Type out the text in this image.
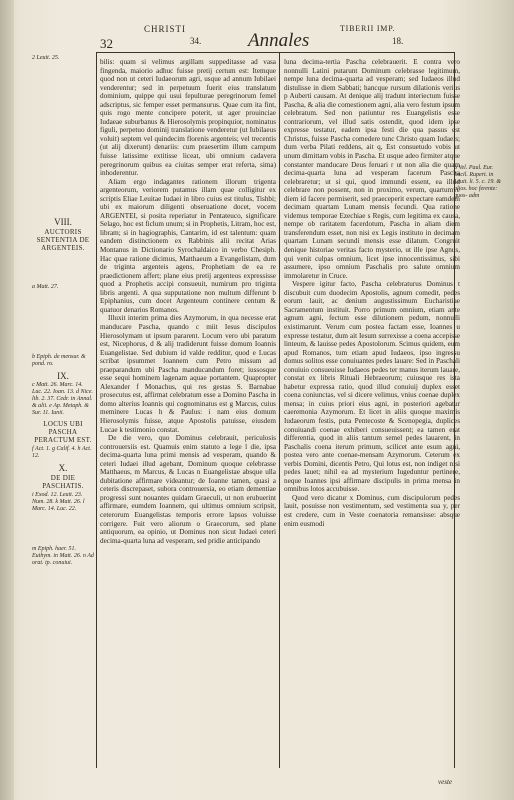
32
CHRISTI
34. Annales
TIBERII IMP.
18.
2 Leuit. 25.
VIII.
AUCTORIS SENTENTIA DE ARGENTEIS.
a Matt. 27.
b Epiph. de mensur. & pond. ro.
IX.
c Matt. 26. Marc. 14. Luc. 22. Ioan. 13. d Nice. lib. 2. 37. Cedr. in Annal. & alii. e Ap. Metaph. & Sur. 11. Iunii.
LOCUS UBI PASCHA PERACTUM EST.
f Act. 1. g Calif. 4. h Act. 12.
X.
DE DIE PASCHATIS.
i Exod. 12. Leuit. 23. Num. 28. k Matt. 26. l Marc. 14. Luc. 22.
m Epiph. haer. 51. Euthym. in Matt. 26. n Ad orat. ip. conuiui.

bilis: quam si velimus argillam suppeditasse ad vasa fingenda, maiorio adhuc fuisse pretij certum est: Itemque quod non ut ceteri Iudaeorum agri, usque ad annum Iubilaei venderentur; sed in perpetuum fuerit eius translatum dominium, quippe qui usui fepulturae peregrinorum femel adscriptus, sic femper esset permansurus. Quae cum ita fint, quis rogo mente concipere poterit, ut ager prouinciae Iudaeae suburbanus & Hierosolymis propinquior, nominatus figuli, perpetuo dominij translatione venderetur (ut Iubilaeus voluit) septem vel quindecim florenis argenteis; vel trecentis (ut alij dixerunt) denariis: cum praesertim illum campum fuisse latissime extitisse liceat, ubi omnium cadavera peregrinorum quibus ea ciuitas semper erat referta, sima) inhoderentur.

Aliam ergo indagantes rationem illorum trigenta argenteorum, veriorem putamus illam quae colligitur ex scriptis Eliae Leuitae Iudaei in libro cuius est titulus, Tishbi; ubi ex maiorum diligenti obseruatione docet, vocem ARGENTEI, si posita reperiatur in Pentateuco, significare Selago, hoc est ficlum unum; si in Prophetis, Litram, hoc est, libram; si in hagiographis, Cantarim, id est talentum: quam eandem distinctionem ex Rabbinis alii recitat Arias Montanus in Dictionario Syrochaldaico in verbo Chesiph. Hac quae ratione dicimus, Matthaeum a Evangelistam, dum de triginta argenteis agens, Prophetiam de ea re praedictionem affert; plane eius pretij argenteos expressisse quod a Prophetis accipi consueuit, numirum pro triginta libris argenti. A qua supputatione non multum differunt b Epiphanius, cum docet Argenteum continere centum & quatuor denarios Romanos.

Illuxit interim prima dies Azymorum, in qua necesse erat manducare Pascha, quando c miit Iesus discipulos Hierosolymam ut ipsum pararent. Locum vero ubi paratum est, Nicephorus, d & alij tradiderunt fuisse domum Ioannis Euangelistae. Sed dubium id valde redditur, quod e Lucas scribat ipsummet Ioannem cum Petro missum ad praeparandum ubi Pascha manducandum foret; iussosque esse sequi hominem lagenam aquae portantem. Quapropter Alexander f Monachus, qui res gestas S. Barnabae prosecutus est, affirmat celebratum esse a Domino Pascha in domo alterius Ioannis qui cognominatus est g Marcus, cuius meminere Lucas h & Paulus: i nam eius domum Hierosolymis fuisse, atque Apostolis patuisse, eiusdem Lucae k testimonio constat.

De die vero, quo Dominus celebrauit, periculosis controuersiis est. Quamuis enim statuto a lege l die, ipsa decima-quarta luna primi mensis ad vesperam, quando & ceteri Iudaei illud agebant, Dominum quoque celebrasse Matthaeus, m Marcus, & Lucas n Euangelistae absque ulla dubitatione affirmare videantur; de Ioanne tamen, quasi a ceteris discrepaset, subora controuersia, eo etiam dementiae progressi sunt nouantes quidam Graeculi, ut non erubuerint affirmare, eumdem Ioannem, qui ultimus omnium scripsit, ceterorum Euangelistas temporis errore lapsos voluisse corrigere. Fuit vero aliorum o Graecorum, sed plane antiquorum, ea opinio, ut Dominus non sicut Iudaei ceteri decima-quarta luna ad vesperam, sed pridie anticipando

luna decima-tertia Pascha celebrauerit. E contra vero nonnulli Latini putarunt Dominum celebrasse legitimum, nempe luna decima-quarta ad vesperam; sed Iudaeos illud distulisse in diem Sabbati; hancque rursum dilationis verius p Auberti causam. At denique alij tradunt interiectum fuisse Pascha, & alia die comestionem agni, alia vero festum ipsum celebratum. Sed non patiuntur res Euangelistis esse contrariorum, vel illud satis ostendit, quod idem ipse expresse testatur, eadem ipsa festi die qua passus est Christus, fuisse Pascha comedere tunc Christo quam Iudaeis; dum verba Pilati reddens, ait q, Est consuetudo vobis ut unum dimittam vobis in Pascha. Et usque adeo firmiter atque constanter manducare Deus feruari r ut non alia die quam decima-quarta luna ad vesperam facerum Pascha celebraretur; ut si qui, quod immundi essent, ea illud celebrare non possent, non in proximo, verum, quartumve diem id facere permiserit, sed praeceperit expectare eamdem decimam quartam Lunam mensis fecundi. Qua ratione videmus temporae Ezechiae s Regis, cum legitima ex causa, nempe ob raritatem facerdotum, Pascha in aliam diem transferendum esset, non nisi ex Legis instituto in decimam quartam Lunam secundi mensis esse dilatum. Congruit denique historiae veritas facto mysterio, ut ille ipse Agnus, qui venit culpas omnium, licet ipse innocentissimus, sibi assumere, ipso omnium Paschalis pro salute omnium immolaretur in Cruce.

Vespere igitur facto, Pascha celebraturus Dominus t discubuit cum duodecim Apostolis, agnum comedit, pedes eorum lauit, ac denium augustissimum Eucharistiae Sacramentum instituit. Porro primum omnium, etiam ante agnum agni, fectum esse dilutionem pedum, nonnulli existimarunt. Verum cum postea factam esse, Ioannes u expresse testatur, dum ait Iesum surrexisse a coena accepisse linteum, & lauisse pedes Apostolorum. Scimus quidem, eum apud Romanos, tum etiam apud Iudaeos, ipso ingressu domus solitos esse conuiuantes pedes lauare: Sed in Paschali conuiuio consueuisse Iudaeos pedes ter manus iterum lauare, constat ex libris Rituali Hebraeorum; cuiusque res ista habetur expressa ratio, quod illud conuiuij duplex esset coena coniunctas, vel si dicere velimus, vnius coenae duplex mensa; in cuius priori eius agni, in posteriori agebatur caeremonia Azymorum. Et licet in aliis quoque maximis Iudaeorum festis, puta Pentecoste & Scenopegia, duplices conuiuandi coenae exhiberi consueuissent; ea tamen erat differentia, quod in aliis tantum semel pedes lauarent, in Paschalis coena iterum primum, scilicet ante esum agni, postea vero ante coenae-mensam Azymorum. Ceterum ex verbis Domini, dicentis Petro, Qui lotus est, non indiget nisi pedes lauet; nihil ea ad mysterium Iugeduntur pertinere, neque Ioannes ipsi affirmare discipulis in prima mensa in omnibus lotos accubuisse.

Quod vero dicatur x Dominus, cum discipulorum pedes lauit, posuisse non vestimentum, sed vestimenta sua y, per est credere, cum in Veste coenatoria remansisse: absque enim eusmodi

o Vel. Paul. Eur. Lucil. Rupert. in Leuit. li. 5. c. 19. & alios. hoc ferente: quos- adm
veste
